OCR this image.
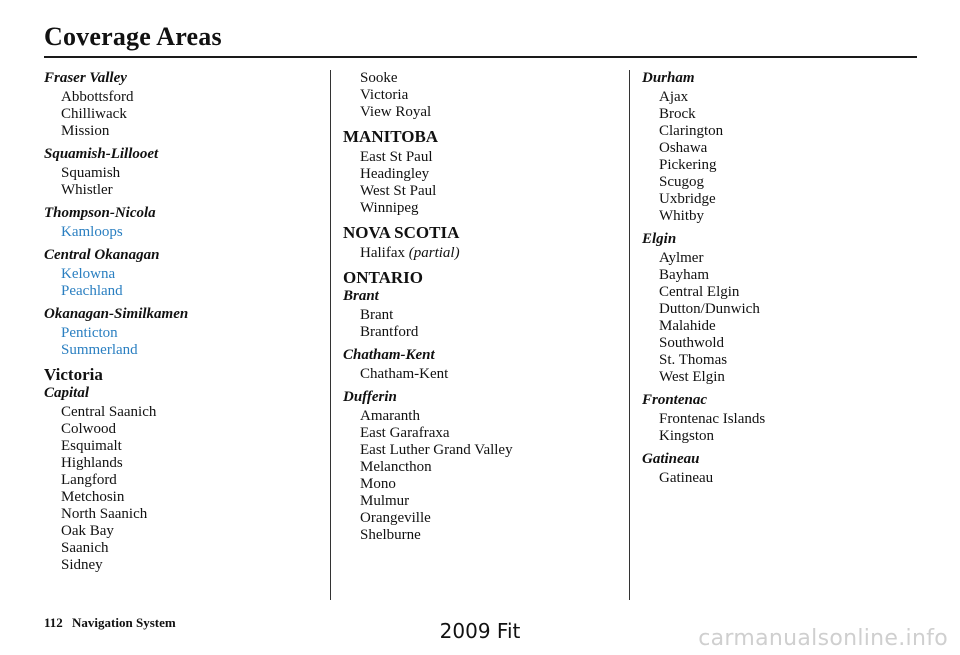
Coverage Areas
Fraser Valley
Abbottsford
Chilliwack
Mission
Squamish-Lillooet
Squamish
Whistler
Thompson-Nicola
Kamloops
Central Okanagan
Kelowna
Peachland
Okanagan-Similkamen
Penticton
Summerland
Victoria
Capital
Central Saanich
Colwood
Esquimalt
Highlands
Langford
Metchosin
North Saanich
Oak Bay
Saanich
Sidney
Sooke
Victoria
View Royal
MANITOBA
East St Paul
Headingley
West St Paul
Winnipeg
NOVA SCOTIA
Halifax (partial)
ONTARIO
Brant
Brant
Brantford
Chatham-Kent
Chatham-Kent
Dufferin
Amaranth
East Garafraxa
East Luther Grand Valley
Melancthon
Mono
Mulmur
Orangeville
Shelburne
Durham
Ajax
Brock
Clarington
Oshawa
Pickering
Scugog
Uxbridge
Whitby
Elgin
Aylmer
Bayham
Central Elgin
Dutton/Dunwich
Malahide
Southwold
St. Thomas
West Elgin
Frontenac
Frontenac Islands
Kingston
Gatineau
Gatineau
112 Navigation System	2009 Fit	carmanualsonline.info
